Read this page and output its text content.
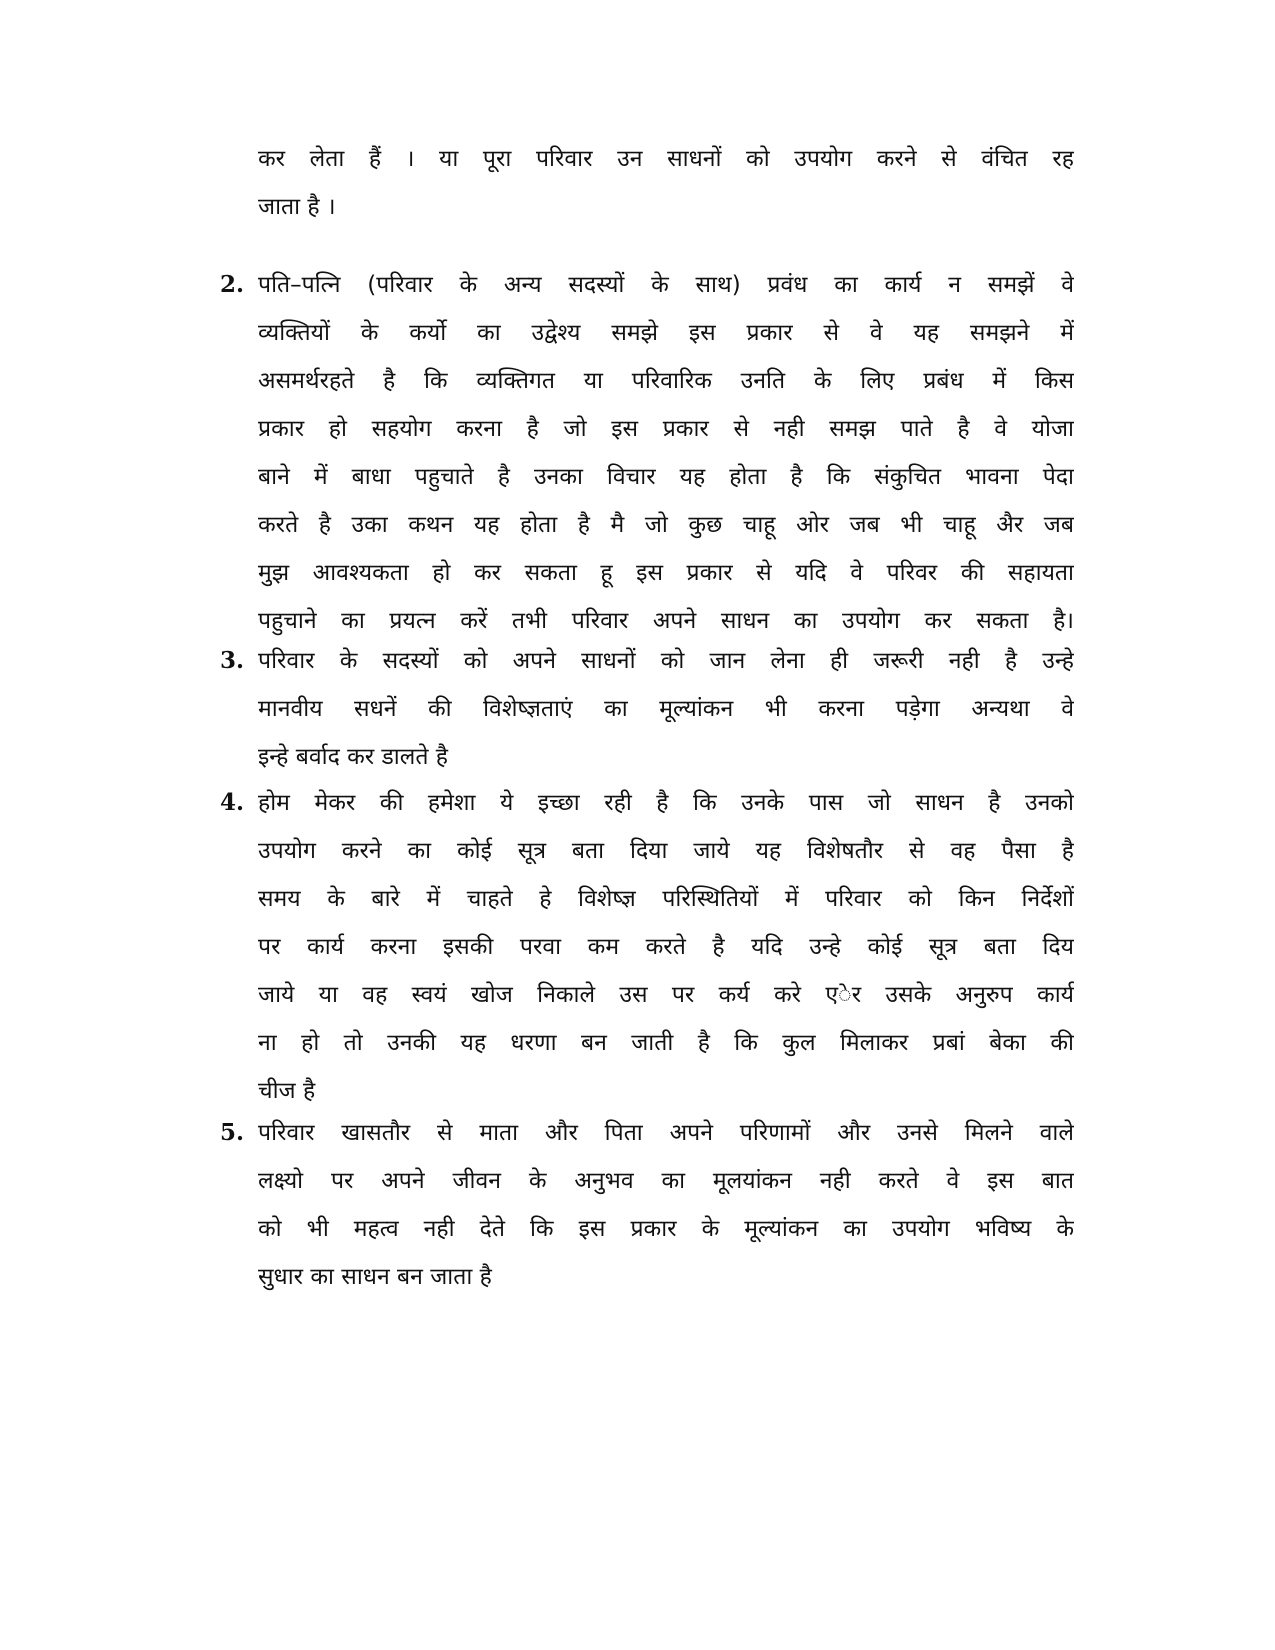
कर लेता हैं । या पूरा परिवार उन साधनों को उपयोग करने से वंचित रह
जाता है ।
2. पति–पत्नि (परिवार के अन्य सदस्यों के साथ) प्रवंध का कार्य न समझें वे
व्यक्तियों के कर्यो का उद्वेश्य समझे इस प्रकार से वे यह समझने में
असमर्थरहते है कि व्यक्तिगत या परिवारिक उनति के लिए प्रबंध में किस
प्रकार हो सहयोग करना है जो इस प्रकार से नही समझ पाते है वे योजा
बाने में बाधा पहुचाते है उनका विचार यह होता है कि संकुचित भावना पेदा
करते है उका कथन यह होता है मै जो कुछ चाहू ओर जब भी चाहू अैर जब
मुझ आवश्यकता हो कर सकता हू इस प्रकार से यदि वे परिवर की सहायता
पहुचाने का प्रयत्न करें तभी परिवार अपने साधन का उपयोग कर सकता है।
3. परिवार के सदस्यों को अपने साधनों को जान लेना ही जरूरी नही है उन्हे
मानवीय सधनें की विशेष्ज्ञताएं का मूल्यांकन भी करना पड़ेगा अन्यथा वे
इन्हे बर्वाद कर डालते है
4. होम मेकर की हमेशा ये इच्छा रही है कि उनके पास जो साधन है उनको
उपयोग करने का कोई सूत्र बता दिया जाये यह विशेषतौर से वह पैसा है
समय के बारे में चाहते हे विशेष्ज्ञ परिस्थितियों में परिवार को किन निर्देशों
पर कार्य करना इसकी परवा कम करते है यदि उन्हे कोई सूत्र बता दिय
जाये या वह स्वयं खोज निकाले उस पर कर्य करे एेर उसके अनुरुप कार्य
ना हो तो उनकी यह धरणा बन जाती है कि कुल मिलाकर प्रबां बेका की
चीज है
5. परिवार खासतौर से माता और पिता अपने परिणामों और उनसे मिलने वाले
लक्ष्यो पर अपने जीवन के अनुभव का मूलयांकन नही करते वे इस बात
को भी महत्व नही देते कि इस प्रकार के मूल्यांकन का उपयोग भविष्य के
सुधार का साधन बन जाता है
